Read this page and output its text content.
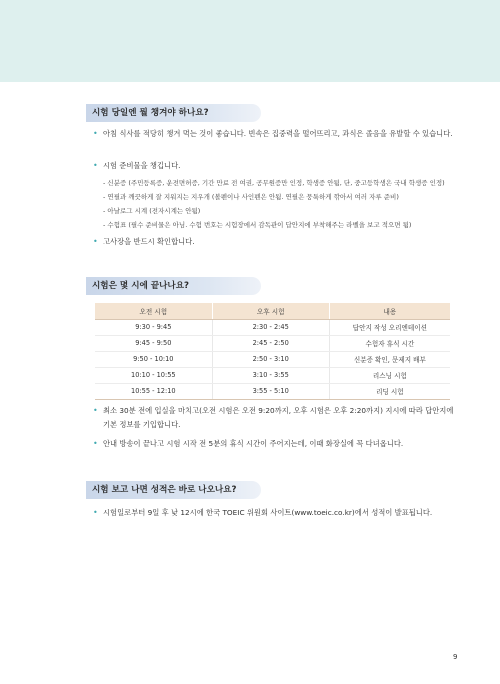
시험 당일엔 뭘 챙겨야 하나요?
• 아침 식사를 적당히 챙겨 먹는 것이 좋습니다. 빈속은 집중력을 떨어뜨리고, 과식은 졸음을 유발할 수 있습니다.
• 시험 준비물을 챙깁니다.
- 신분증 (주민등록증, 운전면허증, 기간 만료 전 여권, 공무원증만 인정, 학생증 안됨, 단, 중고등학생은 국내 학생증 인정)
- 연필과 깨끗하게 잘 지워지는 지우개 (볼펜이나 사인펜은 안됨. 연필은 뭉툭하게 깎아서 여러 자루 준비)
- 아날로그 시계 (전자시계는 안됨)
- 수험표 (필수 준비물은 아님. 수험 번호는 시험장에서 감독관이 답안지에 부착해주는 라벨을 보고 적으면 됨)
• 고사장을 반드시 확인합니다.
시험은 몇 시에 끝나나요?
오전 시험	오후 시험	내용
9:30 - 9:45	2:30 - 2:45	답안지 작성 오리엔테이션
9:45 - 9:50	2:45 - 2:50	수험자 휴식 시간
9:50 - 10:10	2:50 - 3:10	신분증 확인, 문제지 배부
10:10 - 10:55	3:10 - 3:55	리스닝 시험
10:55 - 12:10	3:55 - 5:10	리딩 시험
• 최소 30분 전에 입실을 마치고(오전 시험은 오전 9:20까지, 오후 시험은 오후 2:20까지) 지시에 따라 답안지에 기본 정보를 기입합니다.
• 안내 방송이 끝나고 시험 시작 전 5분의 휴식 시간이 주어지는데, 이때 화장실에 꼭 다녀옵니다.
시험 보고 나면 성적은 바로 나오나요?
• 시험일로부터 9일 후 낮 12시에 한국 TOEIC 위원회 사이트(www.toeic.co.kr)에서 성적이 발표됩니다.
9
